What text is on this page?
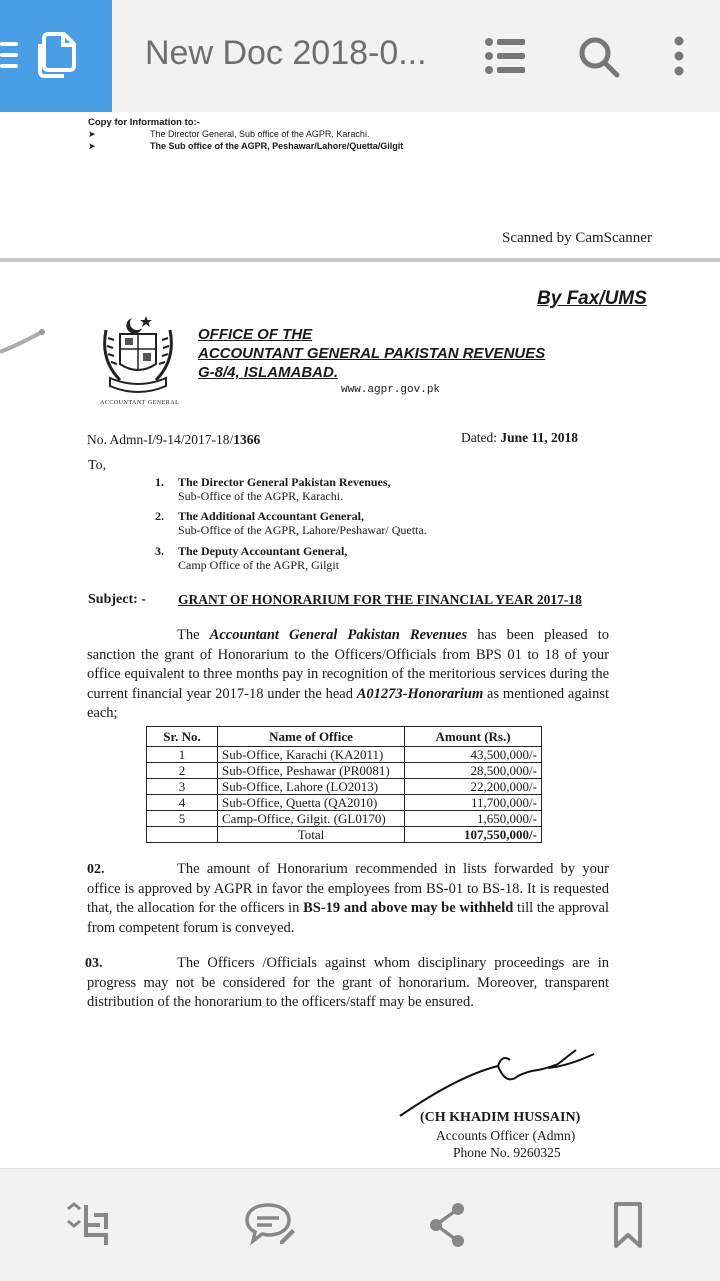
New Doc 2018-0...
Copy for Information to:-
➤	The Director General, Sub office of the AGPR, Karachi.
➤	The Sub office of the AGPR, Peshawar/Lahore/Quetta/Gilgit
Scanned by CamScanner
By Fax/UMS
ACCOUNTANT GENERAL
OFFICE OF THE
ACCOUNTANT GENERAL PAKISTAN REVENUES
G-8/4, ISLAMABAD.
www.agpr.gov.pk
No. Admn-I/9-14/2017-18/1366	Dated: June 11, 2018
To,
1. The Director General Pakistan Revenues,
Sub-Office of the AGPR, Karachi.
2. The Additional Accountant General,
Sub-Office of the AGPR, Lahore/Peshawar/ Quetta.
3. The Deputy Accountant General,
Camp Office of the AGPR, Gilgit
Subject: - GRANT OF HONORARIUM FOR THE FINANCIAL YEAR 2017-18
The Accountant General Pakistan Revenues has been pleased to sanction the grant of Honorarium to the Officers/Officials from BPS 01 to 18 of your office equivalent to three months pay in recognition of the meritorious services during the current financial year 2017-18 under the head A01273-Honorarium as mentioned against each;
Sr. No.	Name of Office	Amount (Rs.)
1	Sub-Office, Karachi (KA2011)	43,500,000/-
2	Sub-Office, Peshawar (PR0081)	28,500,000/-
3	Sub-Office, Lahore (LO2013)	22,200,000/-
4	Sub-Office, Quetta (QA2010)	11,700,000/-
5	Camp-Office, Gilgit. (GL0170)	1,650,000/-
	Total	107,550,000/-
02.	The amount of Honorarium recommended in lists forwarded by your office is approved by AGPR in favor the employees from BS-01 to BS-18. It is requested that, the allocation for the officers in BS-19 and above may be withheld till the approval from competent forum is conveyed.
03.	The Officers /Officials against whom disciplinary proceedings are in progress may not be considered for the grant of honorarium. Moreover, transparent distribution of the honorarium to the officers/staff may be ensured.
(CH KHADIM HUSSAIN)
Accounts Officer (Admn)
Phone No. 9260325
